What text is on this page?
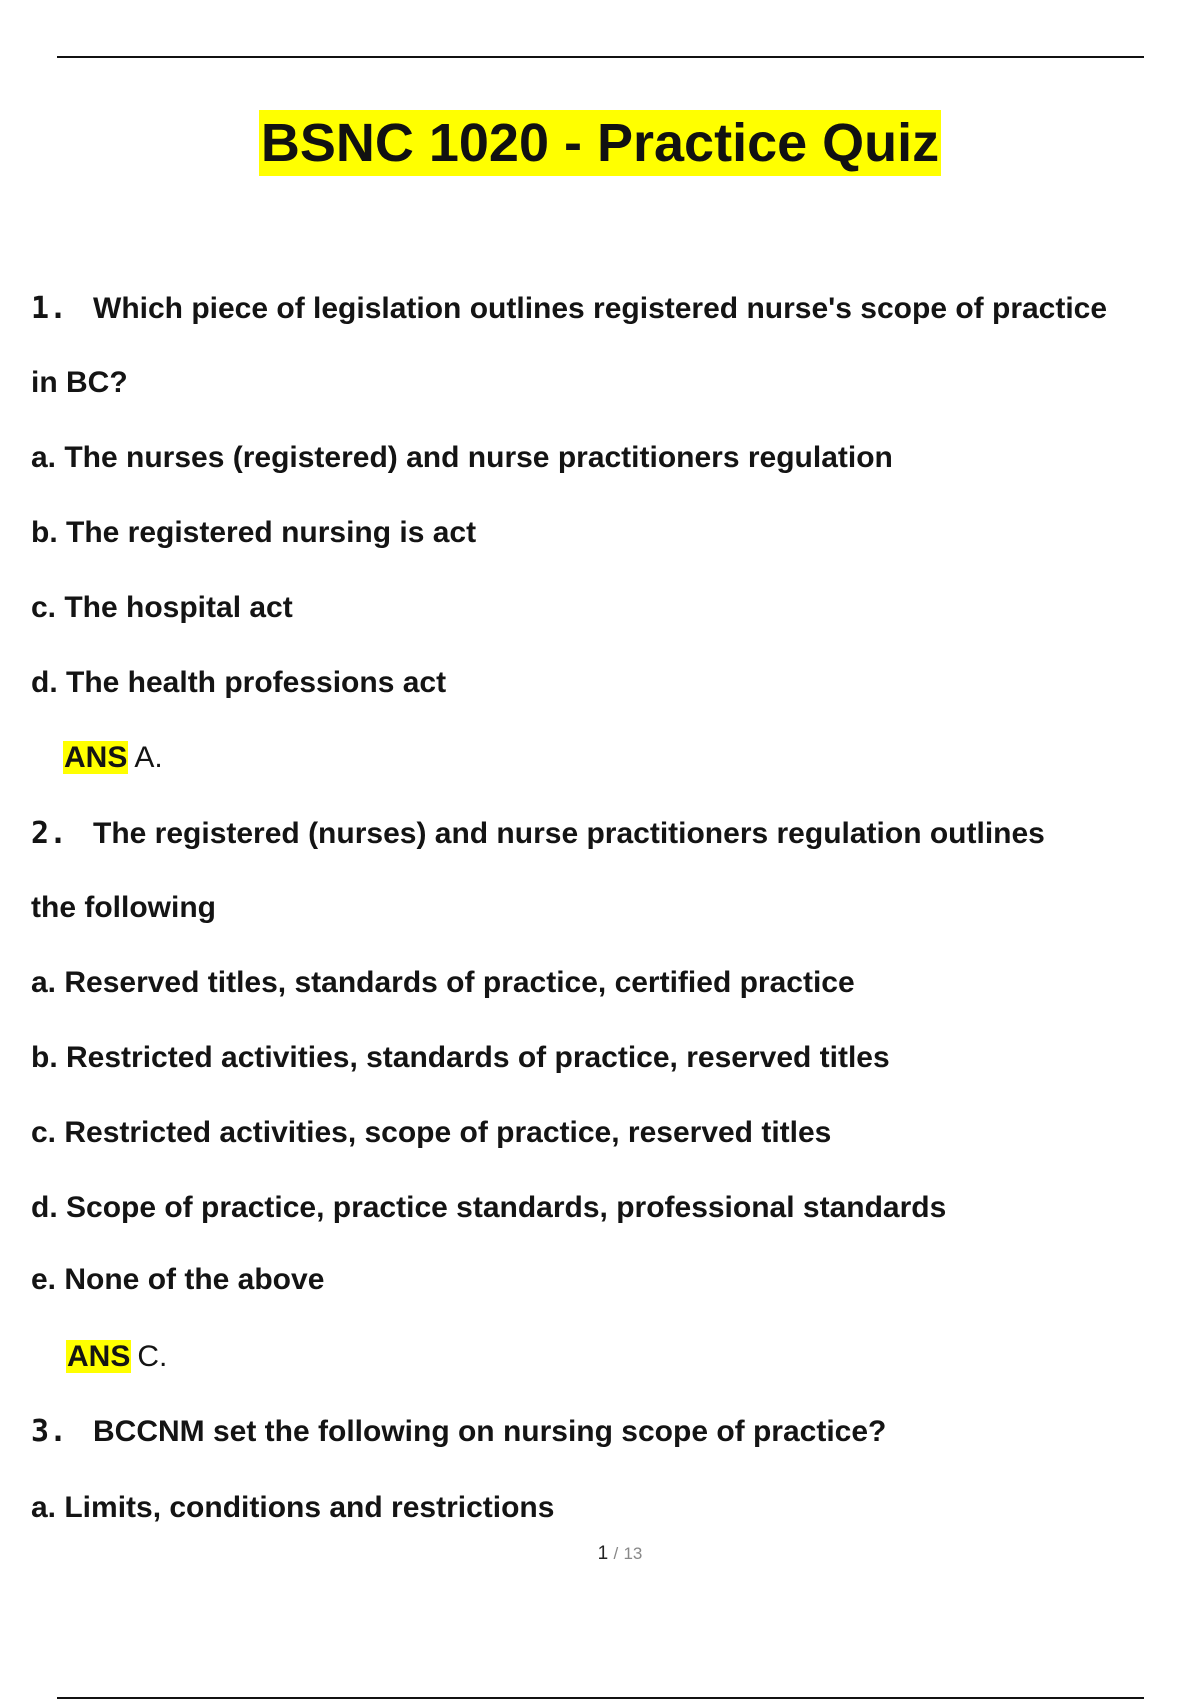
BSNC 1020 - Practice Quiz
1. Which piece of legislation outlines registered nurse's scope of practice
in BC?
a. The nurses (registered) and nurse practitioners regulation
b. The registered nursing is act
c. The hospital act
d. The health professions act
ANS A.
2. The registered (nurses) and nurse practitioners regulation outlines
the following
a. Reserved titles, standards of practice, certified practice
b. Restricted activities, standards of practice, reserved titles
c. Restricted activities, scope of practice, reserved titles
d. Scope of practice, practice standards, professional standards
e. None of the above
ANS C.
3. BCCNM set the following on nursing scope of practice?
a. Limits, conditions and restrictions
1 / 13
